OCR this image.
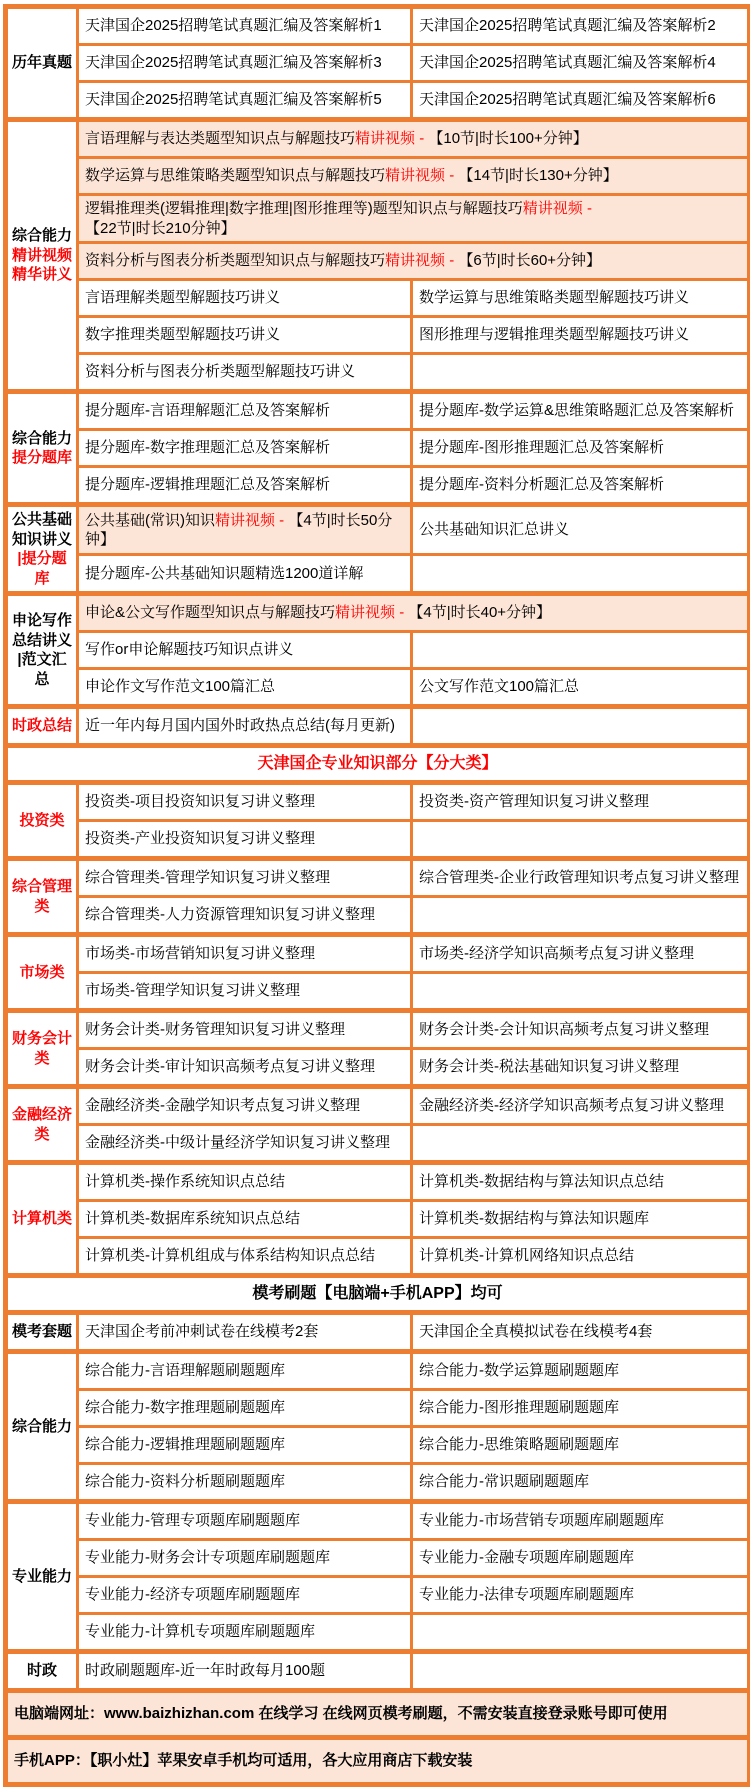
历年真题	天津国企2025招聘笔试真题汇编及答案解析1	天津国企2025招聘笔试真题汇编及答案解析2
	天津国企2025招聘笔试真题汇编及答案解析3	天津国企2025招聘笔试真题汇编及答案解析4
	天津国企2025招聘笔试真题汇编及答案解析5	天津国企2025招聘笔试真题汇编及答案解析6
综合能力
精讲视频
精华讲义	言语理解与表达类题型知识点与解题技巧精讲视频 - 【10节|时长100+分钟】	
	数学运算与思维策略类题型知识点与解题技巧精讲视频 - 【14节|时长130+分钟】	
	逻辑推理类(逻辑推理|数字推理|图形推理等)题型知识点与解题技巧精讲视频 - 【22节|时长210分钟】	
	资料分析与图表分析类题型知识点与解题技巧精讲视频 - 【6节|时长60+分钟】	
	言语理解类题型解题技巧讲义	数学运算与思维策略类题型解题技巧讲义
	数字推理类题型解题技巧讲义	图形推理与逻辑推理类题型解题技巧讲义
	资料分析与图表分析类题型解题技巧讲义	
综合能力
提分题库	提分题库-言语理解题汇总及答案解析	提分题库-数学运算&思维策略题汇总及答案解析
	提分题库-数字推理题汇总及答案解析	提分题库-图形推理题汇总及答案解析
	提分题库-逻辑推理题汇总及答案解析	提分题库-资料分析题汇总及答案解析
公共基础
知识讲义
|提分题库	公共基础(常识)知识精讲视频 - 【4节|时长50分钟】	公共基础知识汇总讲义
	提分题库-公共基础知识题精选1200道详解	
申论写作
总结讲义
|范文汇总	申论&公文写作题型知识点与解题技巧精讲视频 - 【4节|时长40+分钟】	
	写作or申论解题技巧知识点讲义	
	申论作文写作范文100篇汇总	公文写作范文100篇汇总
时政总结	近一年内每月国内国外时政热点总结(每月更新)	
天津国企专业知识部分【分大类】		
投资类	投资类-项目投资知识复习讲义整理	投资类-资产管理知识复习讲义整理
	投资类-产业投资知识复习讲义整理	
综合管理
类	综合管理类-管理学知识复习讲义整理	综合管理类-企业行政管理知识考点复习讲义整理
	综合管理类-人力资源管理知识复习讲义整理	
市场类	市场类-市场营销知识复习讲义整理	市场类-经济学知识高频考点复习讲义整理
	市场类-管理学知识复习讲义整理	
财务会计
类	财务会计类-财务管理知识复习讲义整理	财务会计类-会计知识高频考点复习讲义整理
	财务会计类-审计知识高频考点复习讲义整理	财务会计类-税法基础知识复习讲义整理
金融经济
类	金融经济类-金融学知识考点复习讲义整理	金融经济类-经济学知识高频考点复习讲义整理
	金融经济类-中级计量经济学知识复习讲义整理	
计算机类	计算机类-操作系统知识点总结	计算机类-数据结构与算法知识点总结
	计算机类-数据库系统知识点总结	计算机类-数据结构与算法知识题库
	计算机类-计算机组成与体系结构知识点总结	计算机类-计算机网络知识点总结
模考刷题【电脑端+手机APP】均可		
模考套题	天津国企考前冲刺试卷在线模考2套	天津国企全真模拟试卷在线模考4套
综合能力	综合能力-言语理解题刷题题库	综合能力-数学运算题刷题题库
	综合能力-数字推理题刷题题库	综合能力-图形推理题刷题题库
	综合能力-逻辑推理题刷题题库	综合能力-思维策略题刷题题库
	综合能力-资料分析题刷题题库	综合能力-常识题刷题题库
专业能力	专业能力-管理专项题库刷题题库	专业能力-市场营销专项题库刷题题库
	专业能力-财务会计专项题库刷题题库	专业能力-金融专项题库刷题题库
	专业能力-经济专项题库刷题题库	专业能力-法律专项题库刷题题库
	专业能力-计算机专项题库刷题题库	
时政	时政刷题题库-近一年时政每月100题	
电脑端网址：www.baizhizhan.com 在线学习 在线网页模考刷题，不需安装直接登录账号即可使用		
手机APP：【职小灶】苹果安卓手机均可适用，各大应用商店下载安装		
